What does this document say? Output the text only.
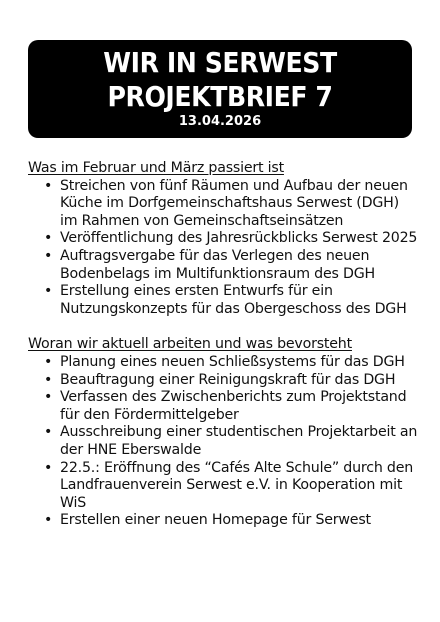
WIR IN SERWEST

PROJEKTBRIEF 7

13.04.2026

Was im Februar und März passiert ist

• Streichen von fünf Räumen und Aufbau der neuen Küche im Dorfgemeinschaftshaus Serwest (DGH) im Rahmen von Gemeinschaftseinsätzen
• Veröffentlichung des Jahresrückblicks Serwest 2025
• Auftragsvergabe für das Verlegen des neuen Bodenbelags im Multifunktionsraum des DGH
• Erstellung eines ersten Entwurfs für ein Nutzungskonzepts für das Obergeschoss des DGH

Woran wir aktuell arbeiten und was bevorsteht

• Planung eines neuen Schließsystems für das DGH
• Beauftragung einer Reinigungskraft für das DGH
• Verfassen des Zwischenberichts zum Projektstand für den Fördermittelgeber
• Ausschreibung einer studentischen Projektarbeit an der HNE Eberswalde
• 22.5.: Eröffnung des “Cafés Alte Schule” durch den Landfrauenverein Serwest e.V. in Kooperation mit WiS
• Erstellen einer neuen Homepage für Serwest
